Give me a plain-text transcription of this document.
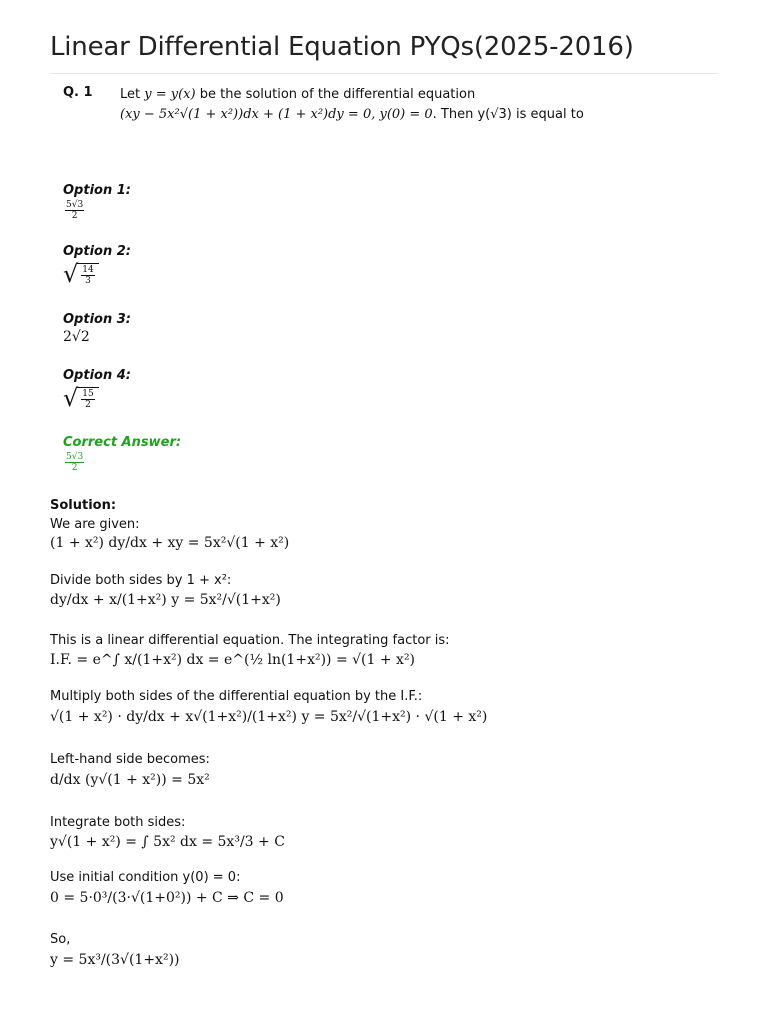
Linear Differential Equation PYQs(2025-2016)
Q. 1 Let y = y(x) be the solution of the differential equation
(xy − 5x²√(1 + x²))dx + (1 + x²)dy = 0, y(0) = 0. Then y(√3) is equal to
Option 1:
$\frac{5√3}{2}$
Option 2:
√ $\frac{14}{3}$
Option 3:
2√2
Option 4:
√ $\frac{15}{2}$
Correct Answer:
$\frac{5√3}{2}$
Solution:
We are given:
(1 + x²) dy/dx + xy = 5x²√(1 + x²)
Divide both sides by 1 + x²:
dy/dx + x/(1+x²) y = 5x²/√(1+x²)
This is a linear differential equation. The integrating factor is:
I.F. = e^∫ x/(1+x²) dx = e^(½ ln(1+x²)) = √(1 + x²)
Multiply both sides of the differential equation by the I.F.:
√(1 + x²) · dy/dx + x√(1+x²)/(1+x²) y = 5x²/√(1+x²) · √(1 + x²)
Left-hand side becomes:
d/dx (y√(1 + x²)) = 5x²
Integrate both sides:
y√(1 + x²) = ∫ 5x² dx = 5x³/3 + C
Use initial condition y(0) = 0:
0 = 5·0³/(3·√(1+0²)) + C ⇒ C = 0
So,
y = 5x³/(3√(1+x²))
